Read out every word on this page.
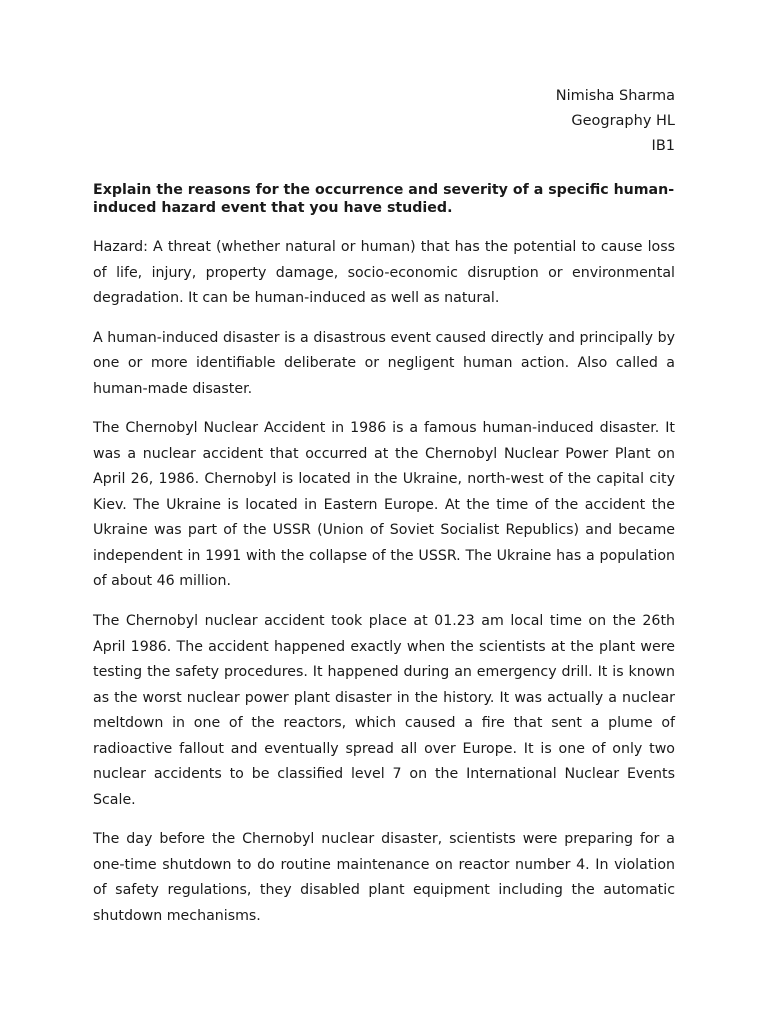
Nimisha Sharma
Geography HL
IB1
Explain the reasons for the occurrence and severity of a specific human-induced hazard event that you have studied.

Hazard: A threat (whether natural or human) that has the potential to cause loss of life, injury, property damage, socio-economic disruption or environmental degradation. It can be human-induced as well as natural.

A human-induced disaster is a disastrous event caused directly and principally by one or more identifiable deliberate or negligent human action. Also called a human-made disaster.

The Chernobyl Nuclear Accident in 1986 is a famous human-induced disaster. It was a nuclear accident that occurred at the Chernobyl Nuclear Power Plant on April 26, 1986. Chernobyl is located in the Ukraine, north-west of the capital city Kiev. The Ukraine is located in Eastern Europe. At the time of the accident the Ukraine was part of the USSR (Union of Soviet Socialist Republics) and became independent in 1991 with the collapse of the USSR. The Ukraine has a population of about 46 million.

The Chernobyl nuclear accident took place at 01.23 am local time on the 26th April 1986. The accident happened exactly when the scientists at the plant were testing the safety procedures. It happened during an emergency drill. It is known as the worst nuclear power plant disaster in the history. It was actually a nuclear meltdown in one of the reactors, which caused a fire that sent a plume of radioactive fallout and eventually spread all over Europe. It is one of only two nuclear accidents to be classified level 7 on the International Nuclear Events Scale.

The day before the Chernobyl nuclear disaster, scientists were preparing for a one-time shutdown to do routine maintenance on reactor number 4. In violation of safety regulations, they disabled plant equipment including the automatic shutdown mechanisms.
